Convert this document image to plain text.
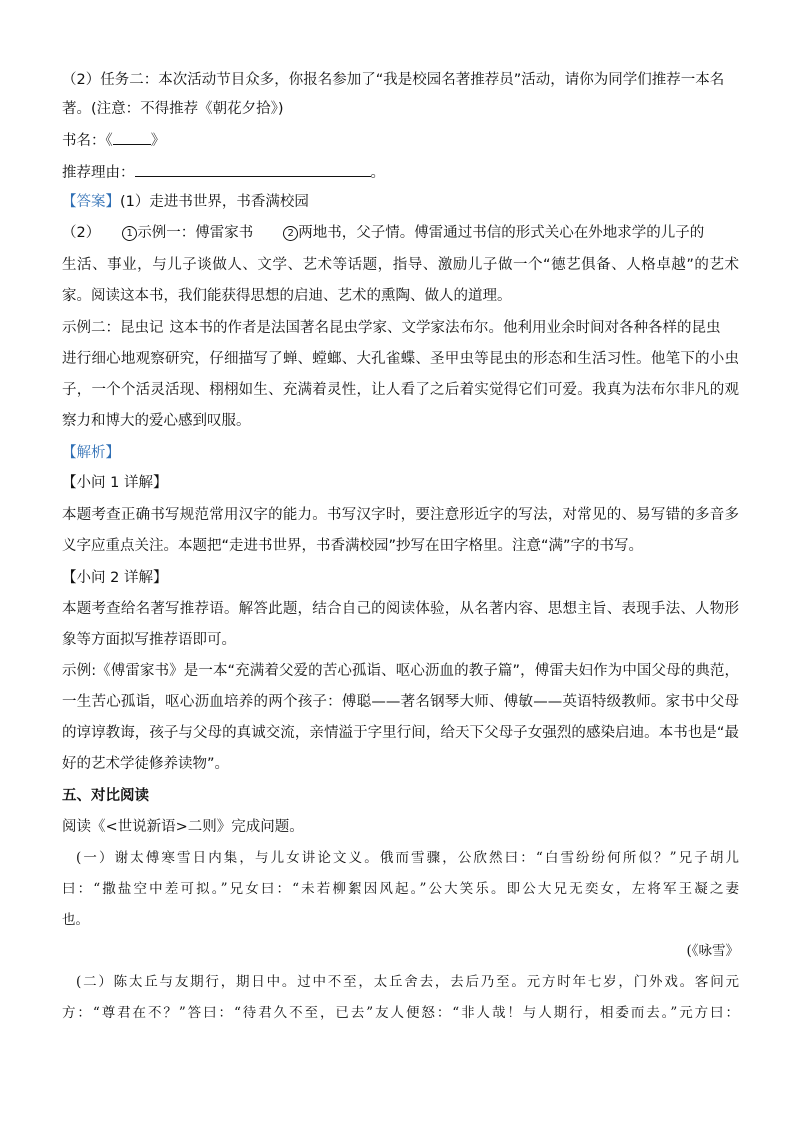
（2）任务二：本次活动节目众多，你报名参加了“我是校园名著推荐员”活动，请你为同学们推荐一本名
著。(注意：不得推荐《朝花夕拾》)
书名：《	》
推荐理由：	。
【答案】(1）走进书世界，书香满校园
（2）	1 示例一：傅雷家书	2 两地书，父子情。傅雷通过书信的形式关心在外地求学的儿子的
生活、事业，与儿子谈做人、文学、艺术等话题，指导、激励儿子做一个“德艺俱备、人格卓越”的艺术
家。阅读这本书，我们能获得思想的启迪、艺术的熏陶、做人的道理。
示例二：昆虫记 这本书的作者是法国著名昆虫学家、文学家法布尔。他利用业余时间对各种各样的昆虫
进行细心地观察研究，仔细描写了蝉、螳螂、大孔雀蝶、圣甲虫等昆虫的形态和生活习性。他笔下的小虫
子，一个个活灵活现、栩栩如生、充满着灵性，让人看了之后着实觉得它们可爱。我真为法布尔非凡的观
察力和博大的爱心感到叹服。
【解析】
【小问 1 详解】
本题考查正确书写规范常用汉字的能力。书写汉字时，要注意形近字的写法，对常见的、易写错的多音多
义字应重点关注。本题把“走进书世界，书香满校园”抄写在田字格里。注意“满”字的书写。
【小问 2 详解】
本题考查给名著写推荐语。解答此题，结合自己的阅读体验，从名著内容、思想主旨、表现手法、人物形
象等方面拟写推荐语即可。
示例:《傅雷家书》是一本“充满着父爱的苦心孤诣、呕心沥血的教子篇”，傅雷夫妇作为中国父母的典范，
一生苦心孤诣，呕心沥血培养的两个孩子：傅聪——著名钢琴大师、傅敏——英语特级教师。家书中父母
的谆谆教诲，孩子与父母的真诚交流，亲情溢于字里行间，给天下父母子女强烈的感染启迪。本书也是“最
好的艺术学徒修养读物”。
五、对比阅读
阅读《<世说新语>二则》完成问题。
(一）谢太傅寒雪日内集，与儿女讲论文义。俄而雪骤，公欣然曰：“白雪纷纷何所似？”兄子胡儿
曰：“撒盐空中差可拟。”兄女曰：“未若柳絮因风起。”公大笑乐。即公大兄无奕女，左将军王凝之妻
也。
(《咏雪》
(二）陈太丘与友期行，期日中。过中不至，太丘舍去，去后乃至。元方时年七岁，门外戏。客问元
方：“尊君在不？”答曰：“待君久不至，已去”友人便怒：“非人哉！与人期行，相委而去。”元方曰：
